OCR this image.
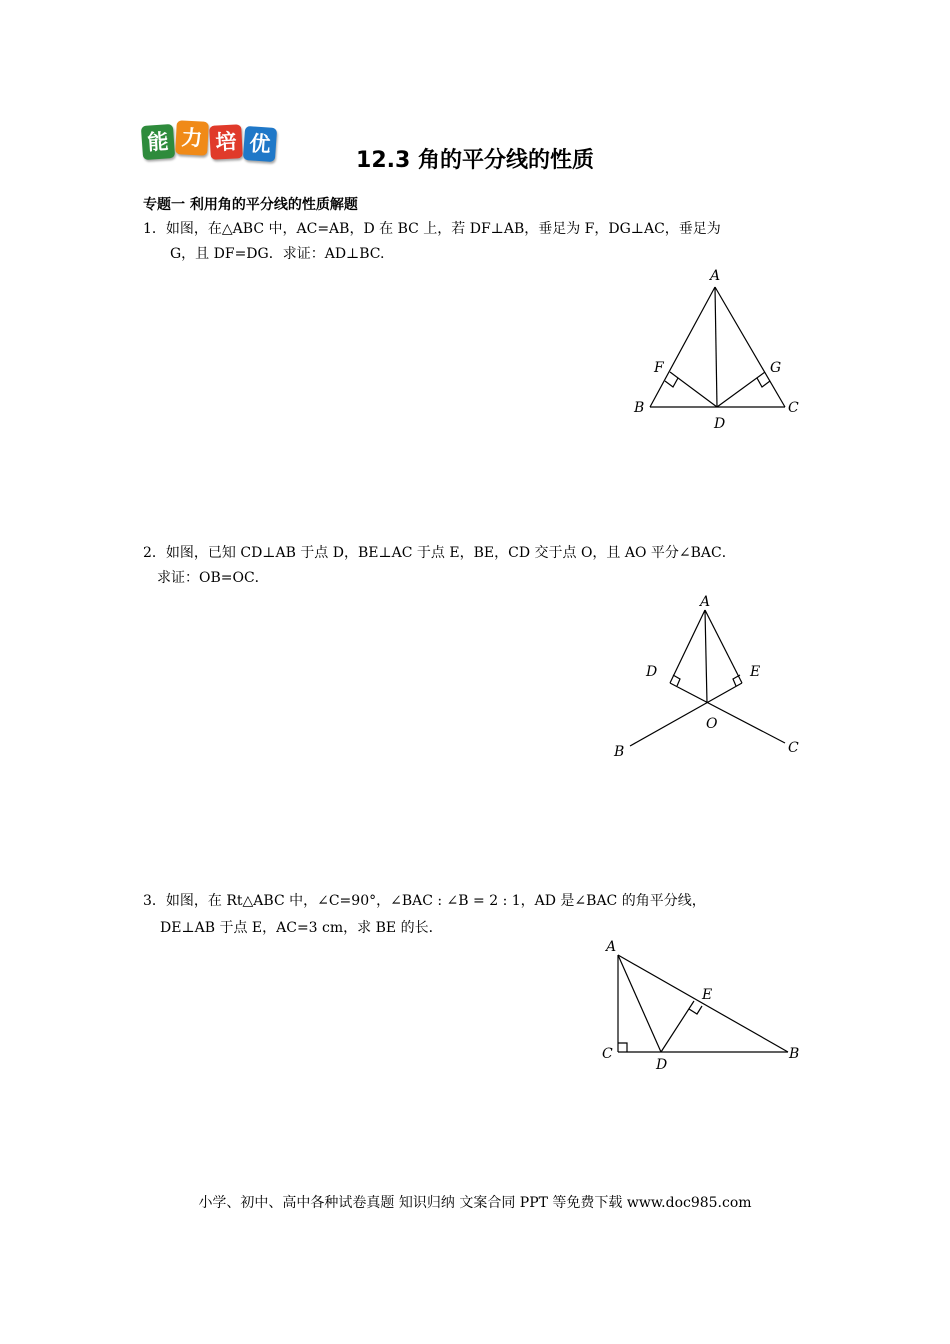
能 力 培 优
12.3 角的平分线的性质
专题一 利用角的平分线的性质解题
1．如图，在△ABC 中，AC=AB，D 在 BC 上，若 DF⊥AB，垂足为 F，DG⊥AC，垂足为
G，且 DF=DG．求证：AD⊥BC.
A
F	G
B
D
C
2．如图，已知 CD⊥AB 于点 D，BE⊥AC 于点 E，BE，CD 交于点 O，且 AO 平分∠BAC．
求证：OB=OC．
A
D	E
O
B	C
3．如图，在 Rt△ABC 中，∠C=90°，∠BAC : ∠B = 2 : 1，AD 是∠BAC 的角平分线，
DE⊥AB 于点 E，AC=3 cm，求 BE 的长．
A
E
C
D
B
小学、初中、高中各种试卷真题 知识归纳 文案合同 PPT 等免费下载 www.doc985.com
